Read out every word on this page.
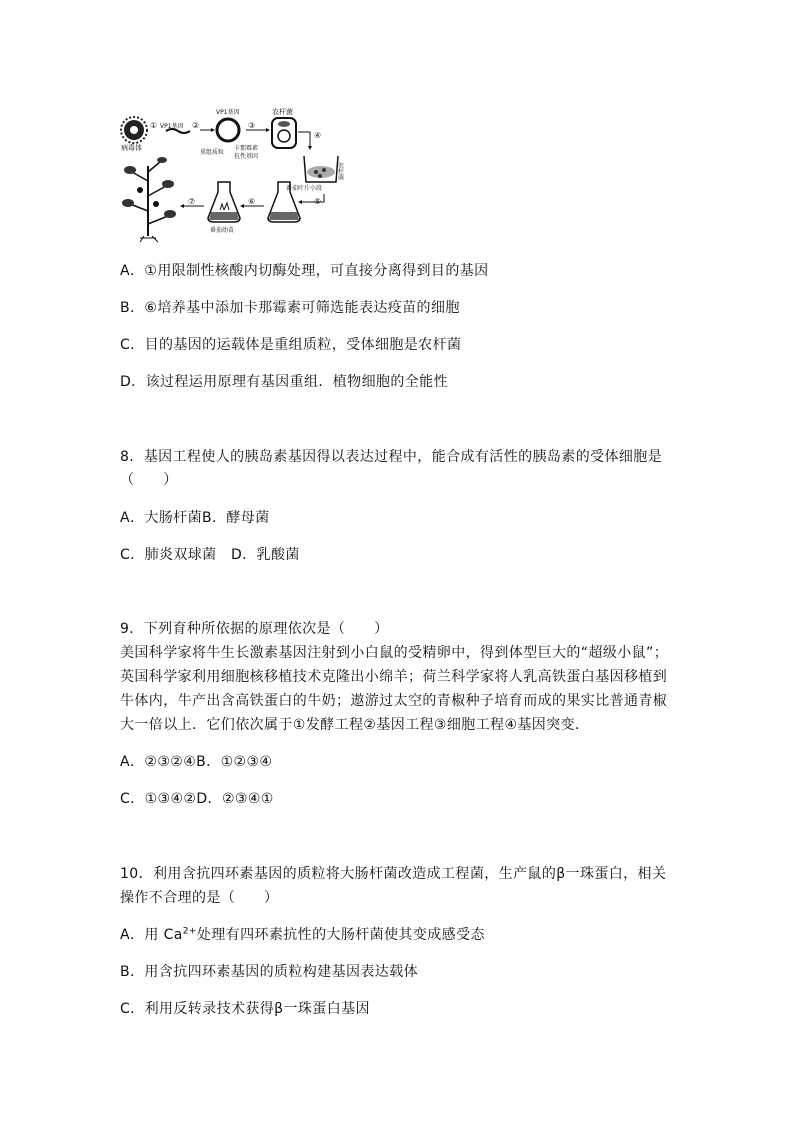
病毒体
① VP1基因 ②
VP1基因
重组质粒
卡那霉素
抗性基因
③
农杆菌
④
农杆菌
番茄叶片小段
⑤
⑥
番茄幼苗
⑦
A．①用限制性核酸内切酶处理，可直接分离得到目的基因
B．⑥培养基中添加卡那霉素可筛选能表达疫苗的细胞
C．目的基因的运载体是重组质粒，受体细胞是农杆菌
D．该过程运用原理有基因重组．植物细胞的全能性
8．基因工程使人的胰岛素基因得以表达过程中，能合成有活性的胰岛素的受体细胞是
（　　）
A．大肠杆菌B．酵母菌
C．肺炎双球菌　D．乳酸菌
9．下列育种所依据的原理依次是（　　）
美国科学家将牛生长激素基因注射到小白鼠的受精卵中，得到体型巨大的“超级小鼠”；
英国科学家利用细胞核移植技术克隆出小绵羊；荷兰科学家将人乳高铁蛋白基因移植到
牛体内，牛产出含高铁蛋白的牛奶；遨游过太空的青椒种子培育而成的果实比普通青椒
大一倍以上．它们依次属于①发酵工程②基因工程③细胞工程④基因突变．
A．②③②④B．①②③④
C．①③④②D．②③④①
10．利用含抗四环素基因的质粒将大肠杆菌改造成工程菌，生产鼠的β一珠蛋白，相关
操作不合理的是（　　）
A．用 $Ca^{2+}$处理有四环素抗性的大肠杆菌使其变成感受态
B．用含抗四环素基因的质粒构建基因表达载体
C．利用反转录技术获得β一珠蛋白基因
